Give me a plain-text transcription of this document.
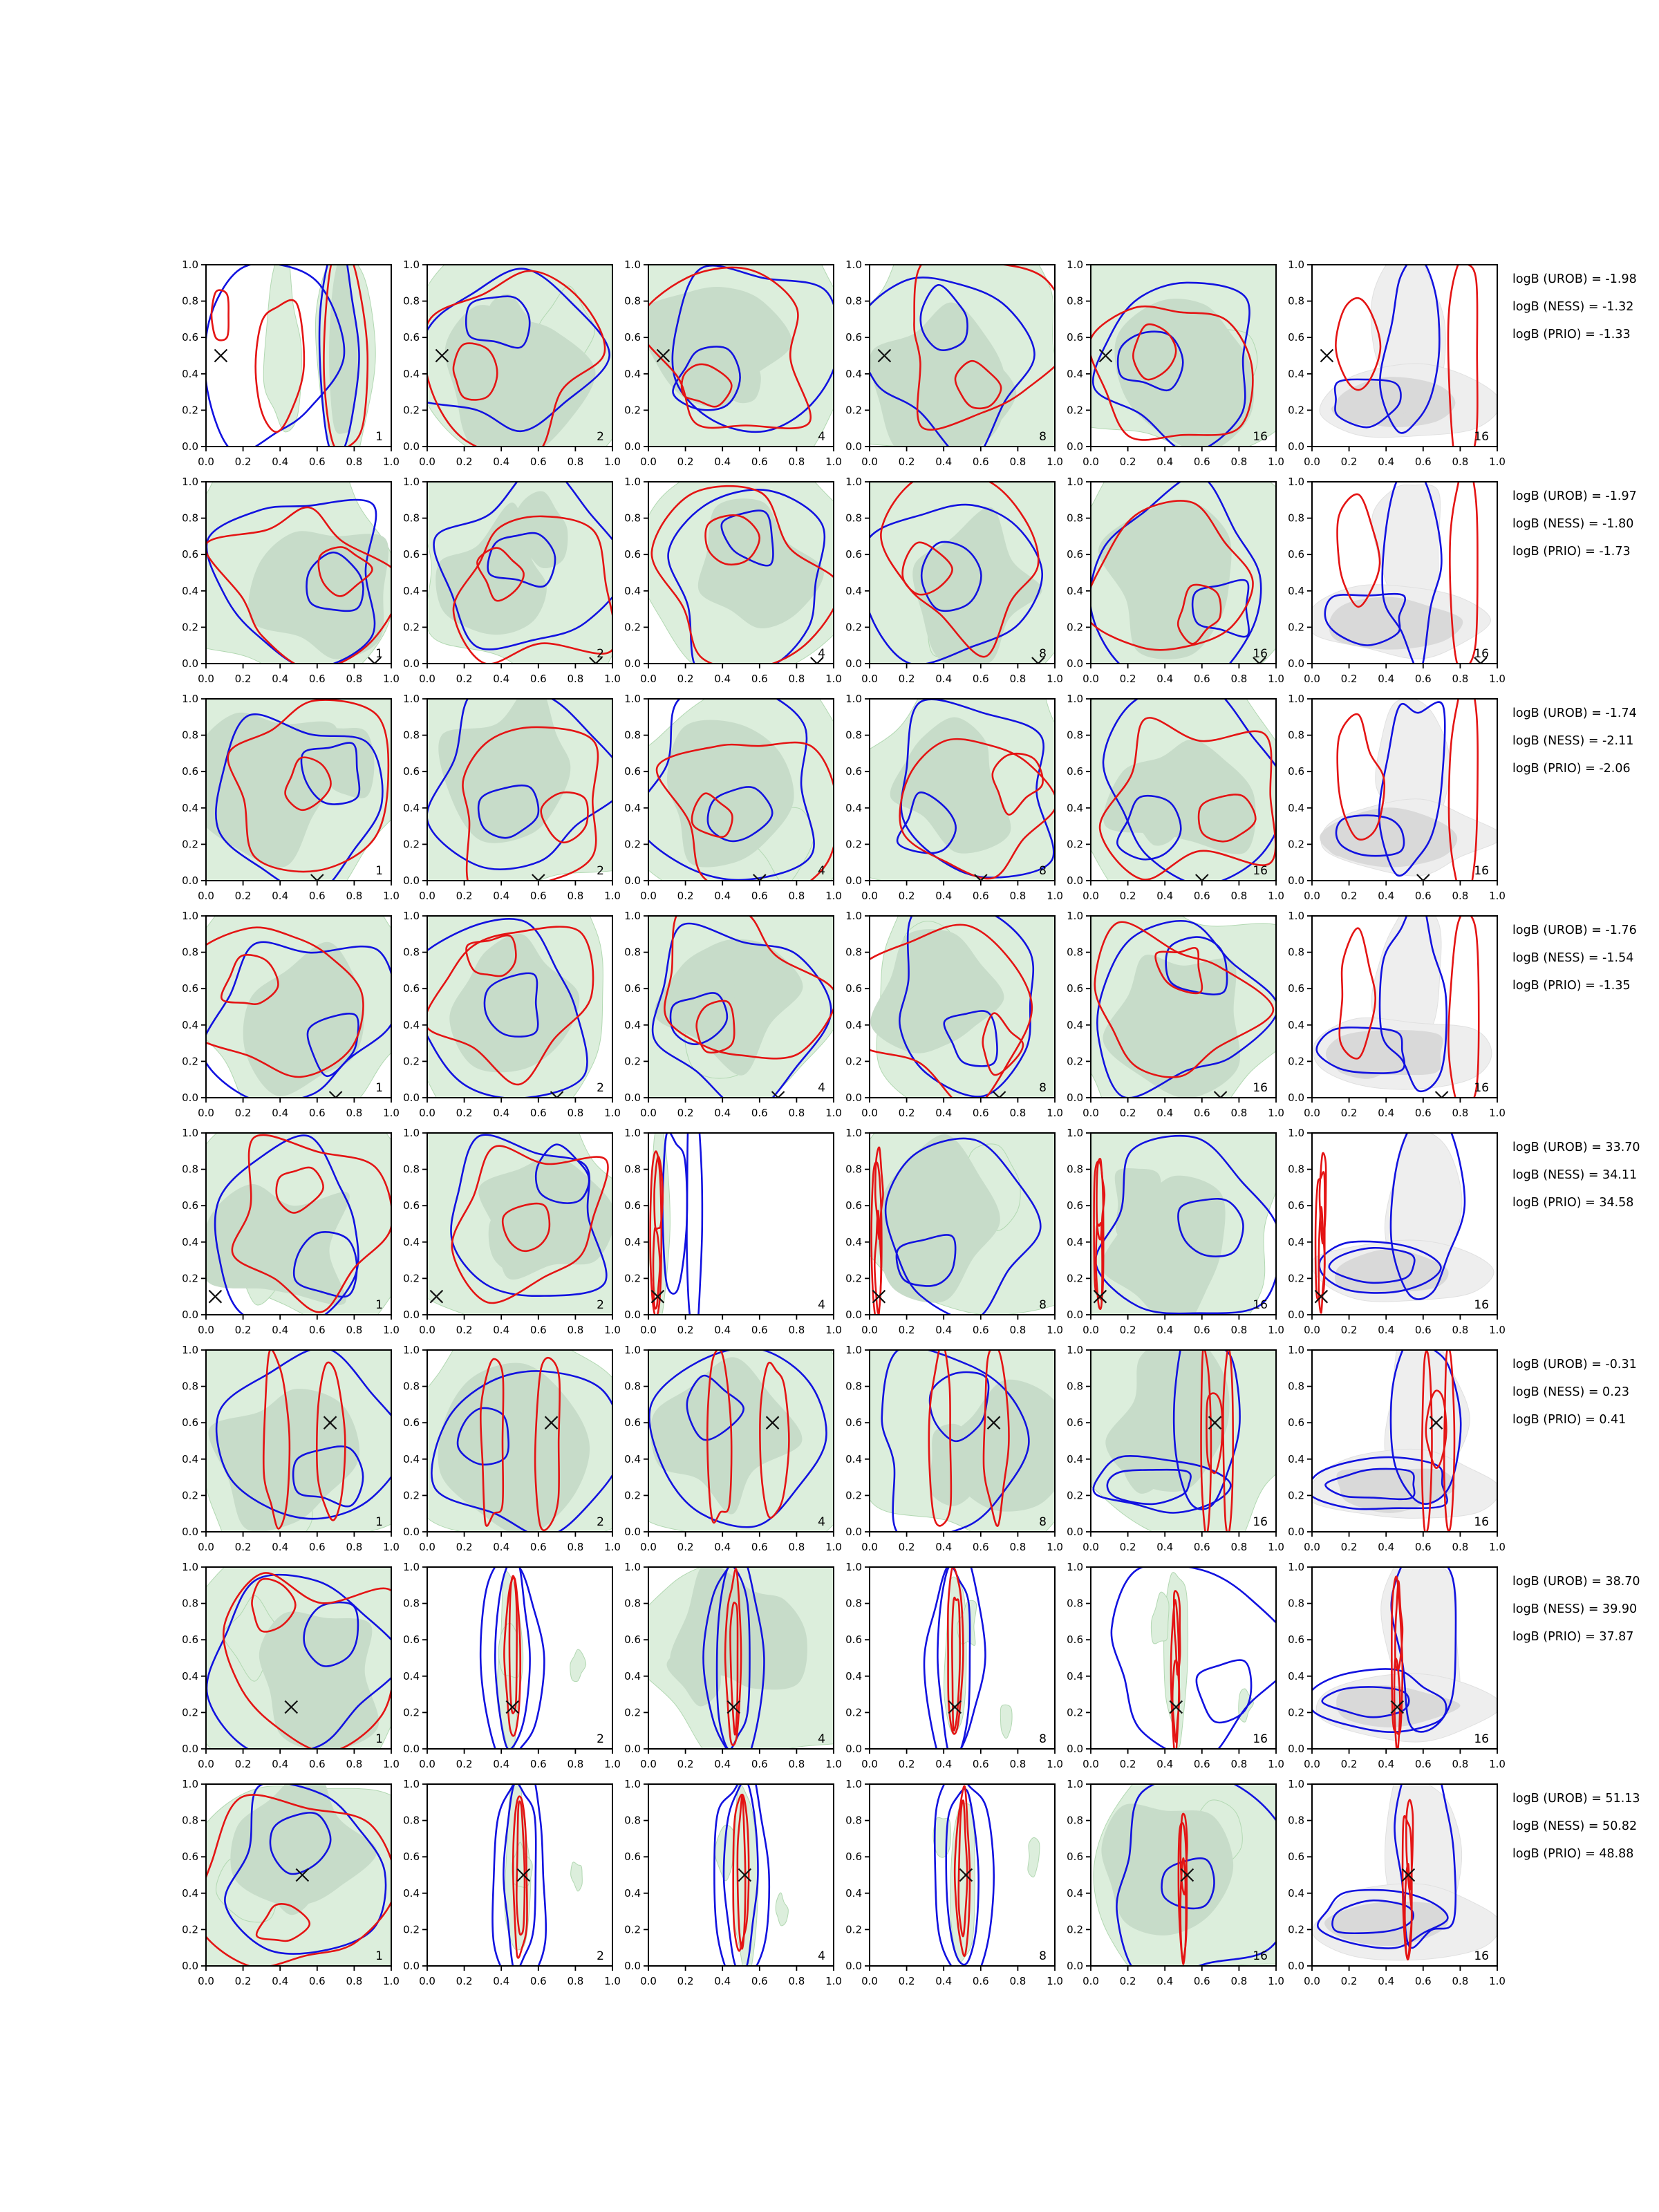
1
0.0
0.0
0.2
0.2
0.4
0.4
0.6
0.6
0.8
0.8
1.0
1.0
2
0.0
0.0
0.2
0.2
0.4
0.4
0.6
0.6
0.8
0.8
1.0
1.0
4
0.0
0.0
0.2
0.2
0.4
0.4
0.6
0.6
0.8
0.8
1.0
1.0
8
0.0
0.0
0.2
0.2
0.4
0.4
0.6
0.6
0.8
0.8
1.0
1.0
16
0.0
0.0
0.2
0.2
0.4
0.4
0.6
0.6
0.8
0.8
1.0
1.0
16
0.0
0.0
0.2
0.2
0.4
0.4
0.6
0.6
0.8
0.8
1.0
1.0
1
0.0
0.0
0.2
0.2
0.4
0.4
0.6
0.6
0.8
0.8
1.0
1.0
2
0.0
0.0
0.2
0.2
0.4
0.4
0.6
0.6
0.8
0.8
1.0
1.0
4
0.0
0.0
0.2
0.2
0.4
0.4
0.6
0.6
0.8
0.8
1.0
1.0
8
0.0
0.0
0.2
0.2
0.4
0.4
0.6
0.6
0.8
0.8
1.0
1.0
16
0.0
0.0
0.2
0.2
0.4
0.4
0.6
0.6
0.8
0.8
1.0
1.0
16
0.0
0.0
0.2
0.2
0.4
0.4
0.6
0.6
0.8
0.8
1.0
1.0
1
0.0
0.0
0.2
0.2
0.4
0.4
0.6
0.6
0.8
0.8
1.0
1.0
2
0.0
0.0
0.2
0.2
0.4
0.4
0.6
0.6
0.8
0.8
1.0
1.0
4
0.0
0.0
0.2
0.2
0.4
0.4
0.6
0.6
0.8
0.8
1.0
1.0
8
0.0
0.0
0.2
0.2
0.4
0.4
0.6
0.6
0.8
0.8
1.0
1.0
16
0.0
0.0
0.2
0.2
0.4
0.4
0.6
0.6
0.8
0.8
1.0
1.0
16
0.0
0.0
0.2
0.2
0.4
0.4
0.6
0.6
0.8
0.8
1.0
1.0
1
0.0
0.0
0.2
0.2
0.4
0.4
0.6
0.6
0.8
0.8
1.0
1.0
2
0.0
0.0
0.2
0.2
0.4
0.4
0.6
0.6
0.8
0.8
1.0
1.0
4
0.0
0.0
0.2
0.2
0.4
0.4
0.6
0.6
0.8
0.8
1.0
1.0
8
0.0
0.0
0.2
0.2
0.4
0.4
0.6
0.6
0.8
0.8
1.0
1.0
16
0.0
0.0
0.2
0.2
0.4
0.4
0.6
0.6
0.8
0.8
1.0
1.0
16
0.0
0.0
0.2
0.2
0.4
0.4
0.6
0.6
0.8
0.8
1.0
1.0
1
0.0
0.0
0.2
0.2
0.4
0.4
0.6
0.6
0.8
0.8
1.0
1.0
2
0.0
0.0
0.2
0.2
0.4
0.4
0.6
0.6
0.8
0.8
1.0
1.0
4
0.0
0.0
0.2
0.2
0.4
0.4
0.6
0.6
0.8
0.8
1.0
1.0
8
0.0
0.0
0.2
0.2
0.4
0.4
0.6
0.6
0.8
0.8
1.0
1.0
16
0.0
0.0
0.2
0.2
0.4
0.4
0.6
0.6
0.8
0.8
1.0
1.0
16
0.0
0.0
0.2
0.2
0.4
0.4
0.6
0.6
0.8
0.8
1.0
1.0
1
0.0
0.0
0.2
0.2
0.4
0.4
0.6
0.6
0.8
0.8
1.0
1.0
2
0.0
0.0
0.2
0.2
0.4
0.4
0.6
0.6
0.8
0.8
1.0
1.0
4
0.0
0.0
0.2
0.2
0.4
0.4
0.6
0.6
0.8
0.8
1.0
1.0
8
0.0
0.0
0.2
0.2
0.4
0.4
0.6
0.6
0.8
0.8
1.0
1.0
16
0.0
0.0
0.2
0.2
0.4
0.4
0.6
0.6
0.8
0.8
1.0
1.0
16
0.0
0.0
0.2
0.2
0.4
0.4
0.6
0.6
0.8
0.8
1.0
1.0
1
0.0
0.0
0.2
0.2
0.4
0.4
0.6
0.6
0.8
0.8
1.0
1.0
2
0.0
0.0
0.2
0.2
0.4
0.4
0.6
0.6
0.8
0.8
1.0
1.0
4
0.0
0.0
0.2
0.2
0.4
0.4
0.6
0.6
0.8
0.8
1.0
1.0
8
0.0
0.0
0.2
0.2
0.4
0.4
0.6
0.6
0.8
0.8
1.0
1.0
16
0.0
0.0
0.2
0.2
0.4
0.4
0.6
0.6
0.8
0.8
1.0
1.0
16
0.0
0.0
0.2
0.2
0.4
0.4
0.6
0.6
0.8
0.8
1.0
1.0
1
0.0
0.0
0.2
0.2
0.4
0.4
0.6
0.6
0.8
0.8
1.0
1.0
2
0.0
0.0
0.2
0.2
0.4
0.4
0.6
0.6
0.8
0.8
1.0
1.0
4
0.0
0.0
0.2
0.2
0.4
0.4
0.6
0.6
0.8
0.8
1.0
1.0
8
0.0
0.0
0.2
0.2
0.4
0.4
0.6
0.6
0.8
0.8
1.0
1.0
16
0.0
0.0
0.2
0.2
0.4
0.4
0.6
0.6
0.8
0.8
1.0
1.0
16
0.0
0.0
0.2
0.2
0.4
0.4
0.6
0.6
0.8
0.8
1.0
1.0
logB (UROB) = -1.98
logB (NESS) = -1.32
logB (PRIO) = -1.33
logB (UROB) = -1.97
logB (NESS) = -1.80
logB (PRIO) = -1.73
logB (UROB) = -1.74
logB (NESS) = -2.11
logB (PRIO) = -2.06
logB (UROB) = -1.76
logB (NESS) = -1.54
logB (PRIO) = -1.35
logB (UROB) = 33.70
logB (NESS) = 34.11
logB (PRIO) = 34.58
logB (UROB) = -0.31
logB (NESS) = 0.23
logB (PRIO) = 0.41
logB (UROB) = 38.70
logB (NESS) = 39.90
logB (PRIO) = 37.87
logB (UROB) = 51.13
logB (NESS) = 50.82
logB (PRIO) = 48.88
